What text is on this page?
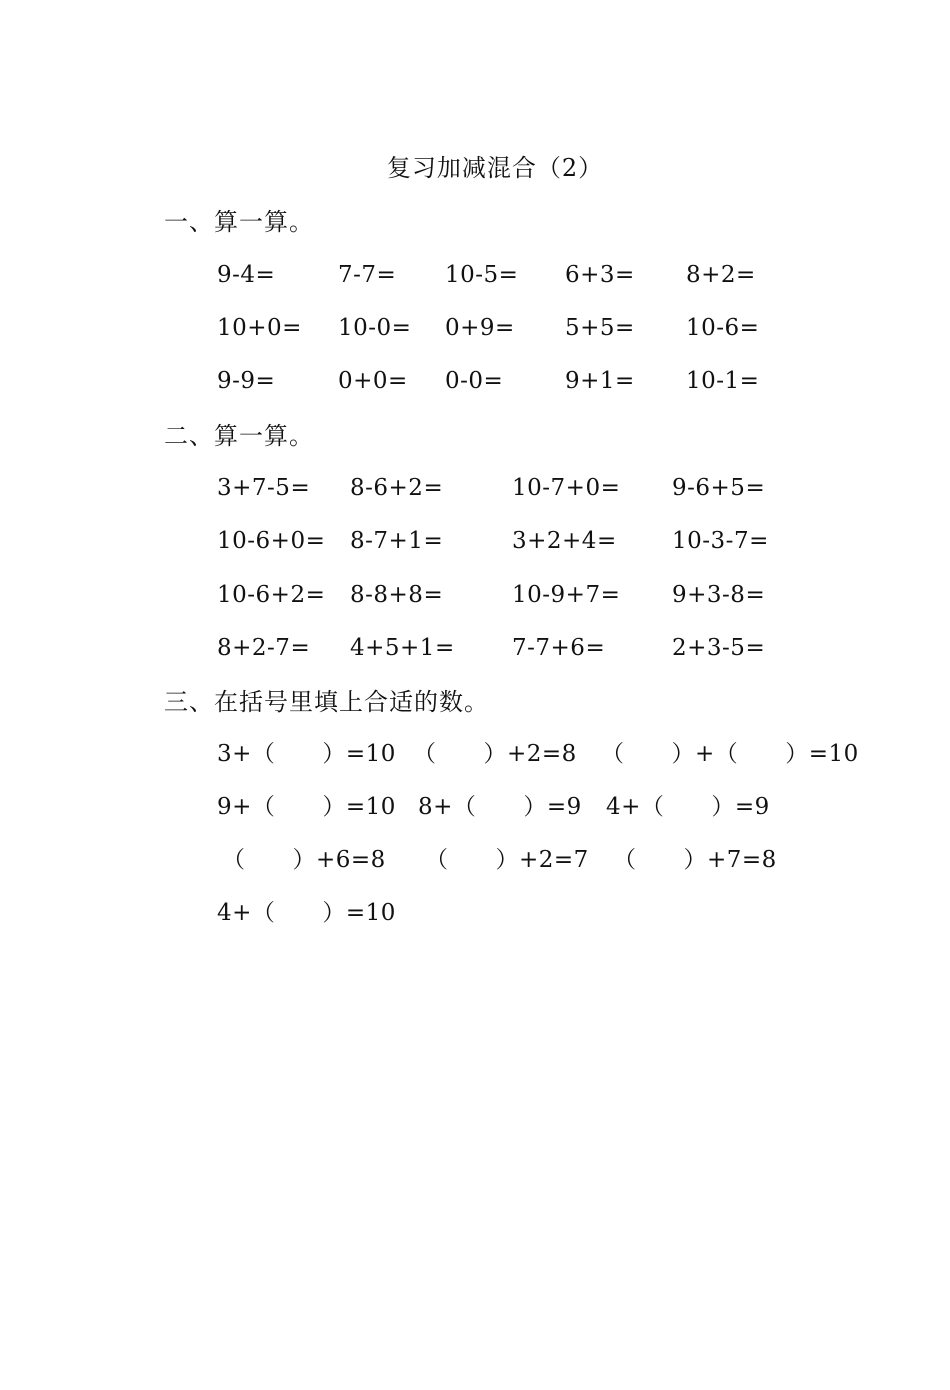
复习加减混合（2）
一、算一算。
9-4=	7-7= 10-5= 6+3= 8+2=
10+0= 10-0= 0+9= 5+5= 10-6=
9-9=	0+0= 0-0=	9+1= 10-1=
二、算一算。
3+7-5= 8-6+2=	10-7+0= 9-6+5=
10-6+0= 8-7+1=	3+2+4= 10-3-7=
10-6+2= 8-8+8=	10-9+7= 9+3-8=
8+2-7= 4+5+1= 7-7+6=	2+3-5=
三、在括号里填上合适的数。
3+（　　）=10 （　　）+2=8 （　　）+（　　）=10
9+（　　）=10 8+（　　）=9 4+（　　）=9
（　　）+6=8 （　　）+2=7 （　　）+7=8
4+（　　）=10
